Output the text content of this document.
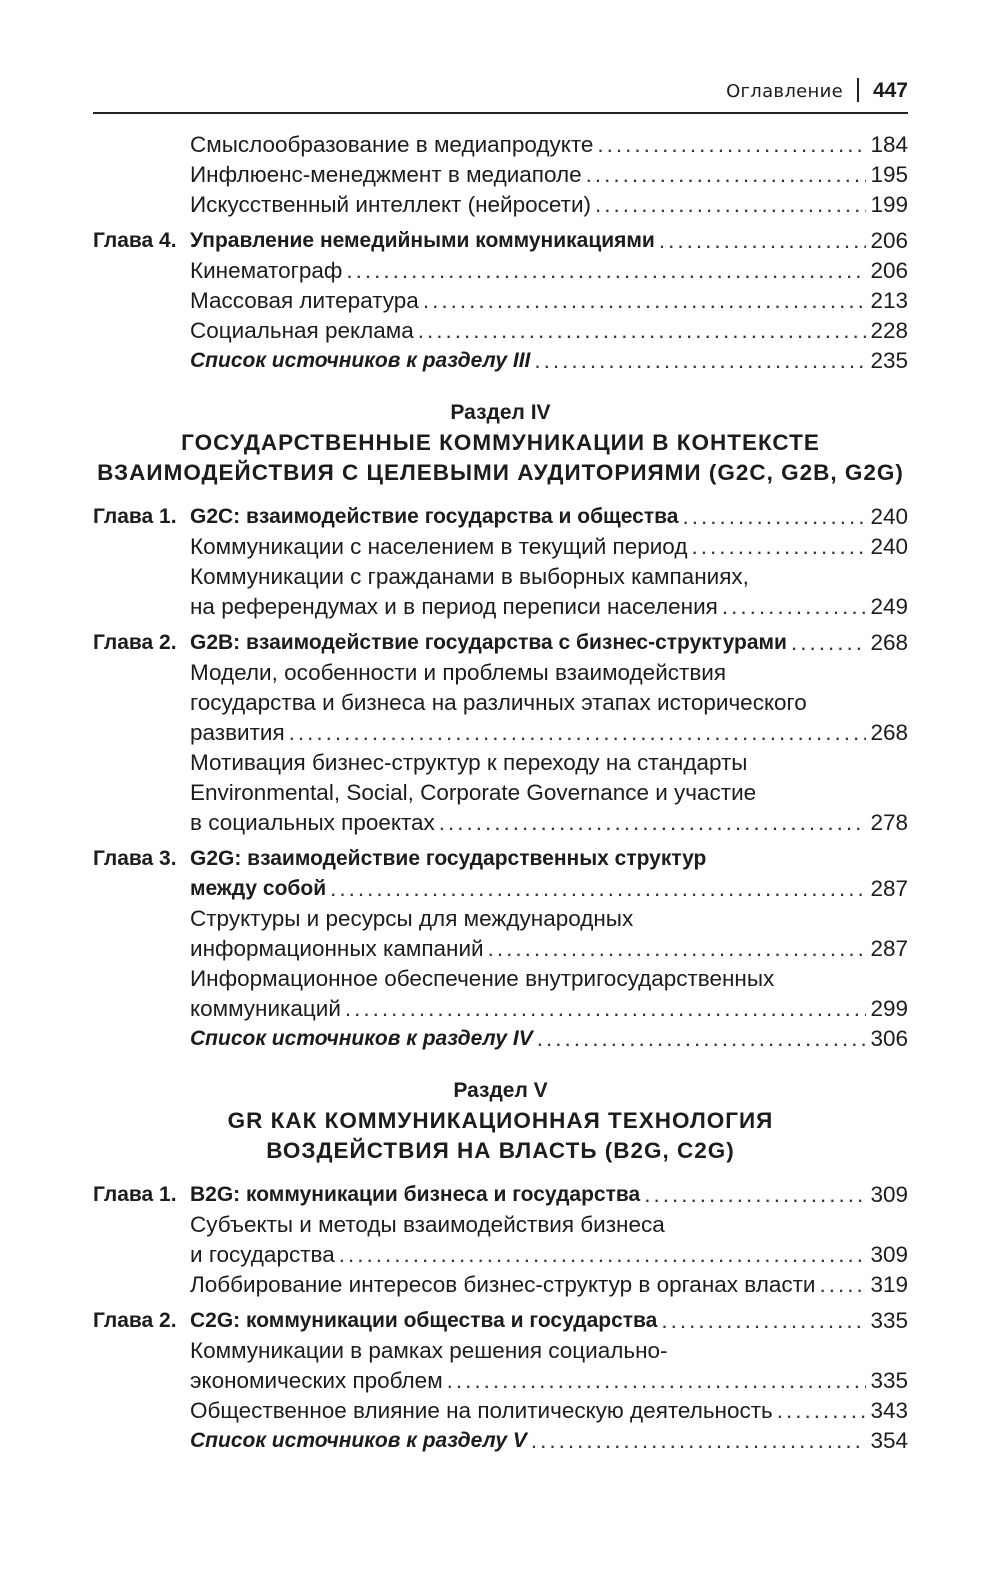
Оглавление 447
Смыслообразование в медиапродукте .....	184
Инфлюенс-менеджмент в медиаполе .....	195
Искусственный интеллект (нейросети) .....	199
Глава 4. Управление немедийными коммуникациями .....	206
Кинематограф .....	206
Массовая литература .....	213
Социальная реклама .....	228
Список источников к разделу III .....	235
Раздел IV
ГОСУДАРСТВЕННЫЕ КОММУНИКАЦИИ В КОНТЕКСТЕ
ВЗАИМОДЕЙСТВИЯ С ЦЕЛЕВЫМИ АУДИТОРИЯМИ (G2C, G2B, G2G)
Глава 1. G2C: взаимодействие государства и общества .....	240
Коммуникации с населением в текущий период .....	240
Коммуникации с гражданами в выборных кампаниях,
на референдумах и в период переписи населения .....	249
Глава 2. G2B: взаимодействие государства с бизнес-структурами .....	268
Модели, особенности и проблемы взаимодействия
государства и бизнеса на различных этапах исторического
развития .....	268
Мотивация бизнес-структур к переходу на стандарты
Environmental, Social, Corporate Governance и участие
в социальных проектах .....	278
Глава 3. G2G: взаимодействие государственных структур
между собой .....	287
Структуры и ресурсы для международных
информационных кампаний .....	287
Информационное обеспечение внутригосударственных
коммуникаций .....	299
Список источников к разделу IV .....	306
Раздел V
GR КАК КОММУНИКАЦИОННАЯ ТЕХНОЛОГИЯ
ВОЗДЕЙСТВИЯ НА ВЛАСТЬ (B2G, C2G)
Глава 1. B2G: коммуникации бизнеса и государства .....	309
Субъекты и методы взаимодействия бизнеса
и государства .....	309
Лоббирование интересов бизнес-структур в органах власти ..... 319
Глава 2. C2G: коммуникации общества и государства .....	335
Коммуникации в рамках решения социально-
экономических проблем .....	335
Общественное влияние на политическую деятельность .....	343
Список источников к разделу V .....	354
